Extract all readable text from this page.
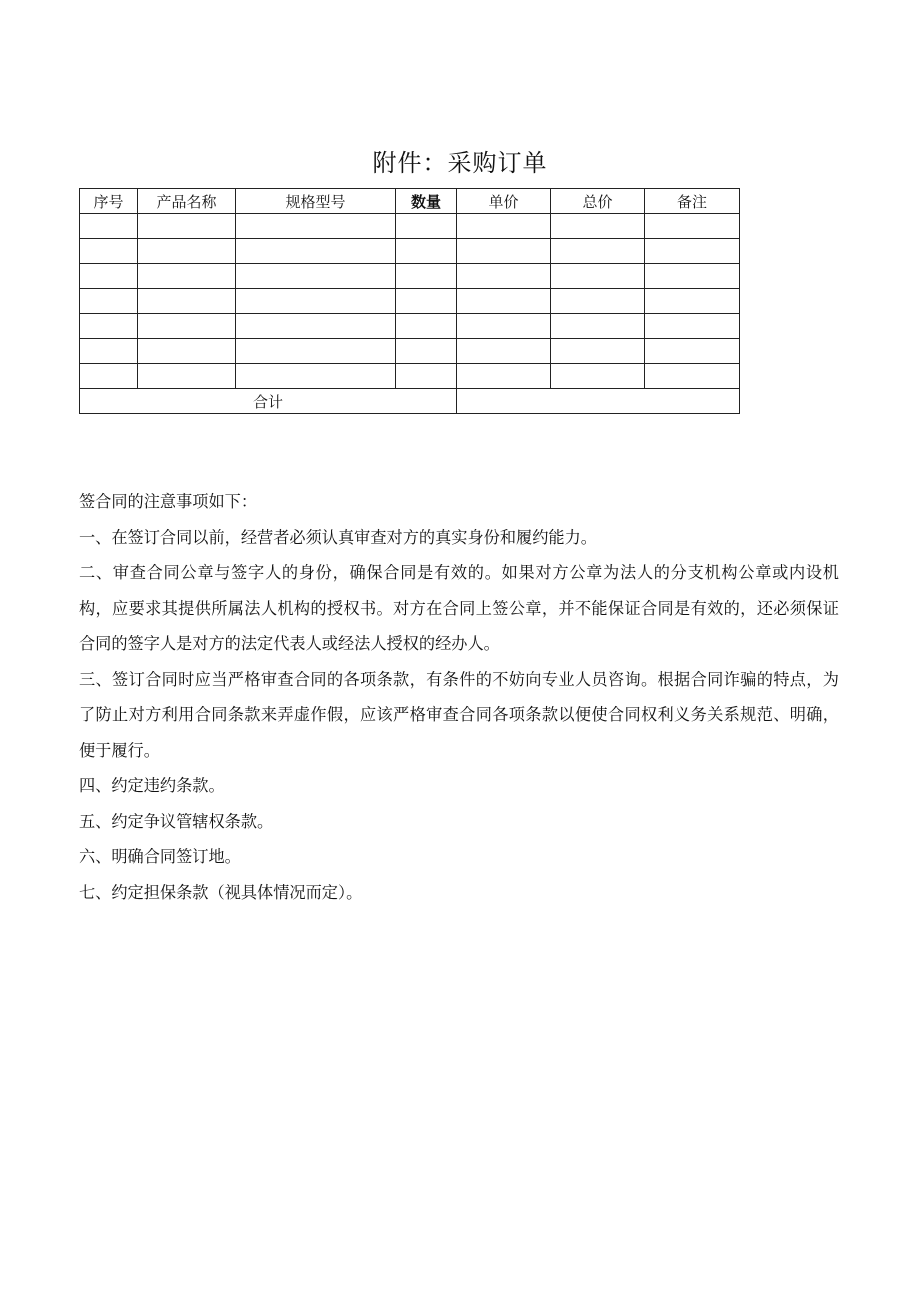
附件：采购订单
序号	产品名称	规格型号	数量	单价	总价	备注

合计						

签合同的注意事项如下：

一、在签订合同以前，经营者必须认真审查对方的真实身份和履约能力。

二、审查合同公章与签字人的身份，确保合同是有效的。如果对方公章为法人的分支机构公章或内设机构，应要求其提供所属法人机构的授权书。对方在合同上签公章，并不能保证合同是有效的，还必须保证合同的签字人是对方的法定代表人或经法人授权的经办人。

三、签订合同时应当严格审查合同的各项条款，有条件的不妨向专业人员咨询。根据合同诈骗的特点，为了防止对方利用合同条款来弄虚作假，应该严格审查合同各项条款以便使合同权利义务关系规范、明确，便于履行。

四、约定违约条款。

五、约定争议管辖权条款。

六、明确合同签订地。

七、约定担保条款（视具体情况而定）。
